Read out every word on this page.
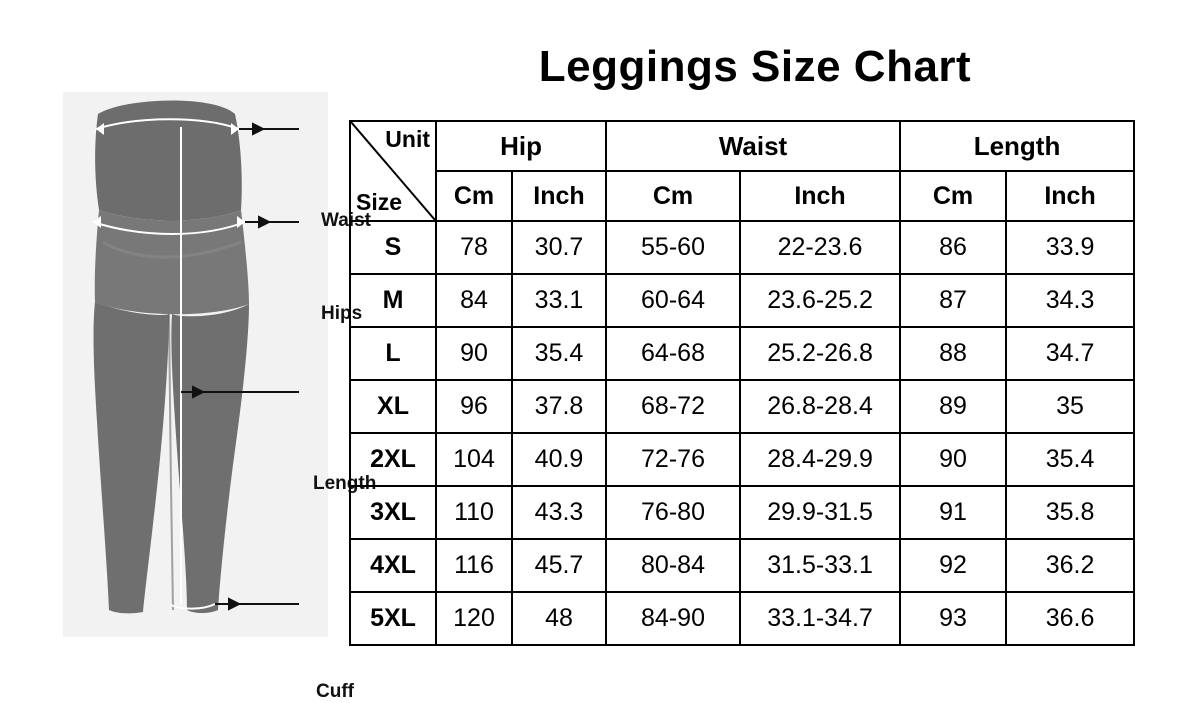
Waist
Hips
Length
Cuff
Leggings Size Chart
Unit
Size	Hip		Waist		Length	
	Cm	Inch	Cm	Inch	Cm	Inch
S	78	30.7	55-60	22-23.6	86	33.9
M	84	33.1	60-64	23.6-25.2	87	34.3
L	90	35.4	64-68	25.2-26.8	88	34.7
XL	96	37.8	68-72	26.8-28.4	89	35
2XL	104	40.9	72-76	28.4-29.9	90	35.4
3XL	110	43.3	76-80	29.9-31.5	91	35.8
4XL	116	45.7	80-84	31.5-33.1	92	36.2
5XL	120	48	84-90	33.1-34.7	93	36.6
